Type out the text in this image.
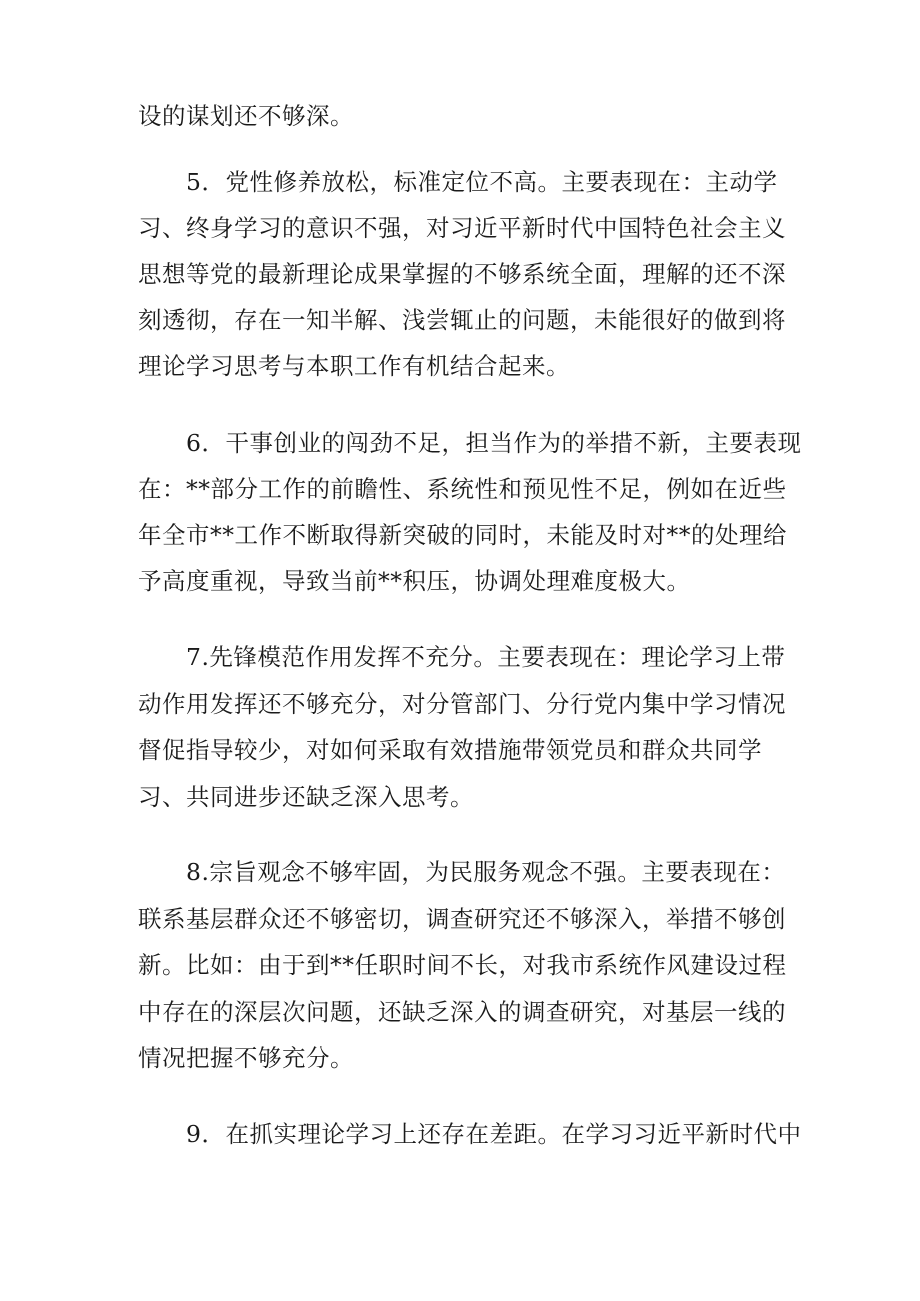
设的谋划还不够深。
5．党性修养放松，标准定位不高。主要表现在：主动学
习、终身学习的意识不强，对习近平新时代中国特色社会主义
思想等党的最新理论成果掌握的不够系统全面，理解的还不深
刻透彻，存在一知半解、浅尝辄止的问题，未能很好的做到将
理论学习思考与本职工作有机结合起来。
6．干事创业的闯劲不足，担当作为的举措不新，主要表现
在：**部分工作的前瞻性、系统性和预见性不足，例如在近些
年全市**工作不断取得新突破的同时，未能及时对**的处理给
予高度重视，导致当前**积压，协调处理难度极大。
7.先锋模范作用发挥不充分。主要表现在：理论学习上带
动作用发挥还不够充分，对分管部门、分行党内集中学习情况
督促指导较少，对如何采取有效措施带领党员和群众共同学
习、共同进步还缺乏深入思考。
8.宗旨观念不够牢固，为民服务观念不强。主要表现在：
联系基层群众还不够密切，调查研究还不够深入，举措不够创
新。比如：由于到**任职时间不长，对我市系统作风建设过程
中存在的深层次问题，还缺乏深入的调查研究，对基层一线的
情况把握不够充分。
9．在抓实理论学习上还存在差距。在学习习近平新时代中
